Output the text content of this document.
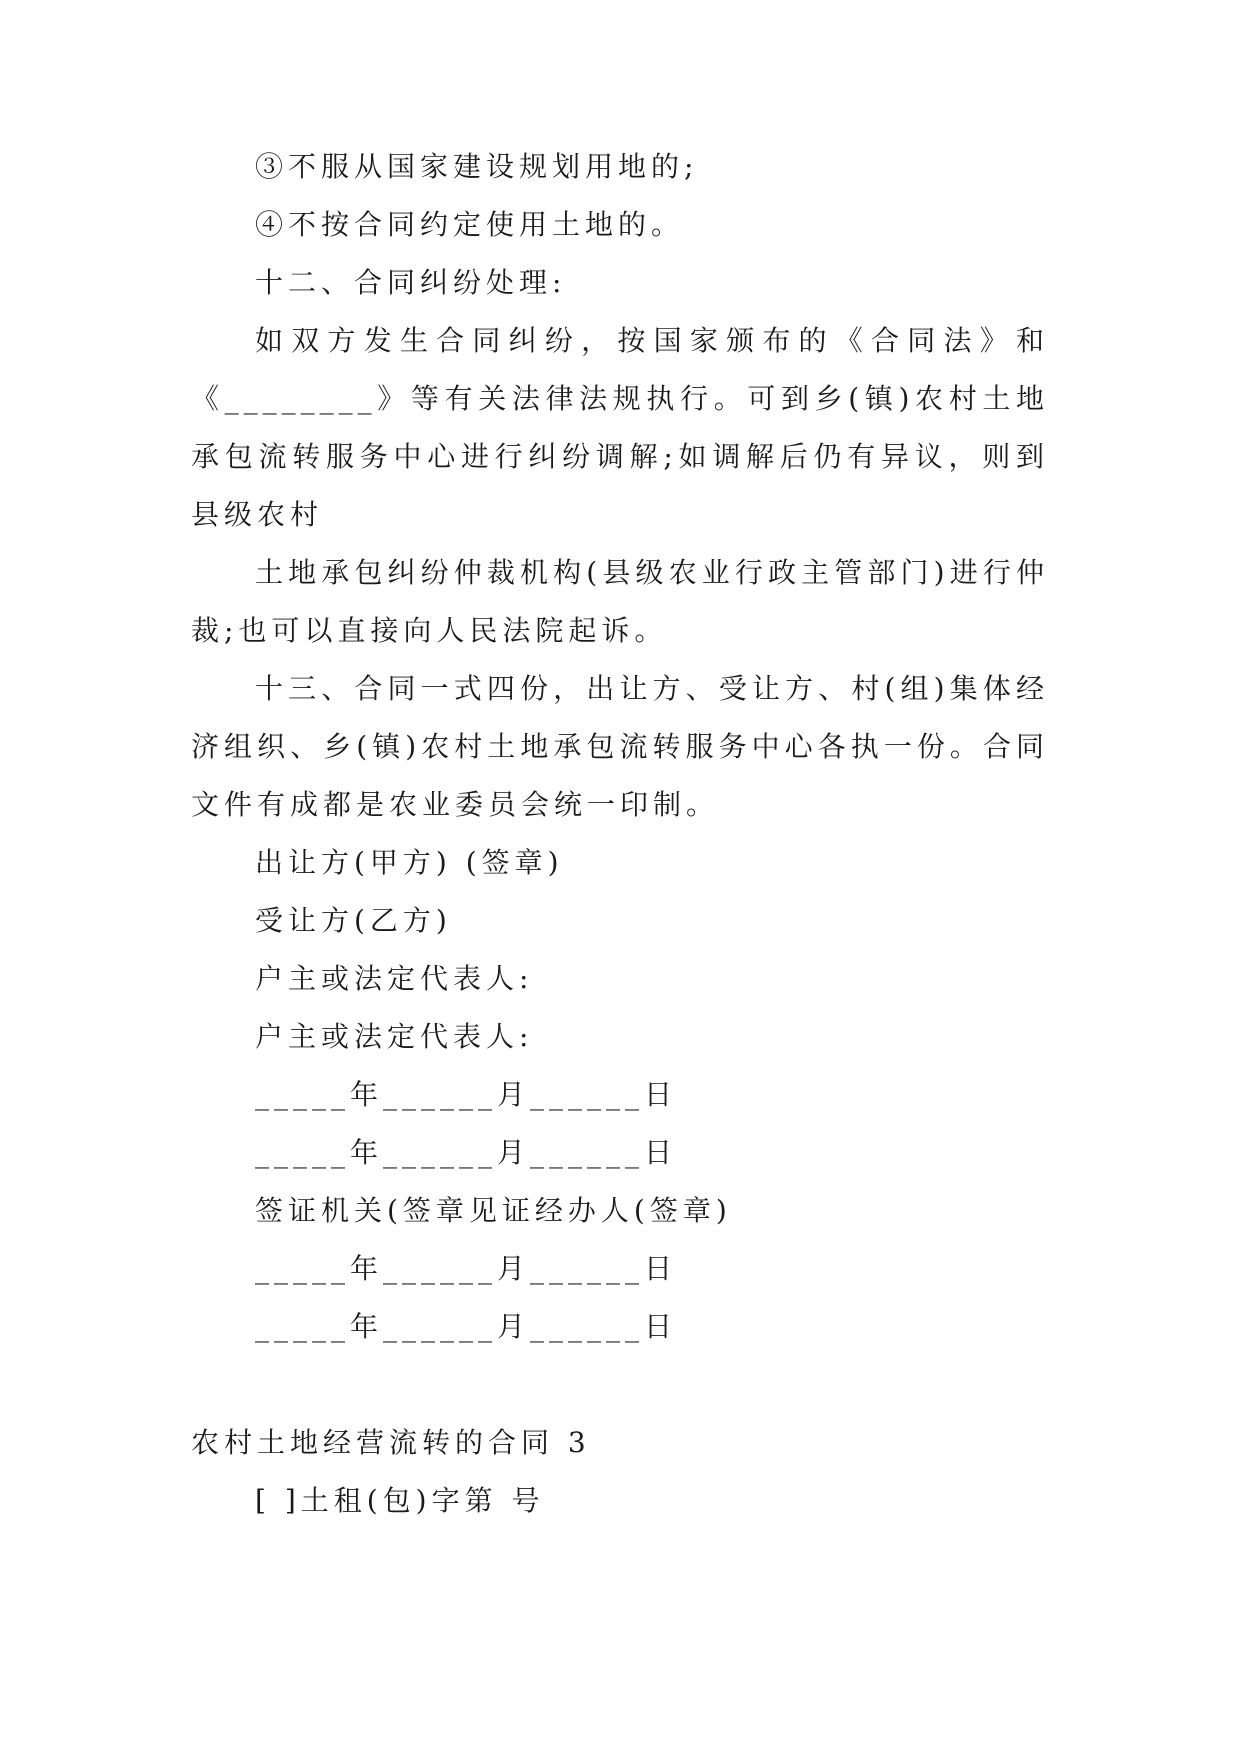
③不服从国家建设规划用地的;
④不按合同约定使用土地的。
十二、合同纠纷处理:

如双方发生合同纠纷，按国家颁布的《合同法》和《________》等有关法律法规执行。可到乡(镇)农村土地承包流转服务中心进行纠纷调解;如调解后仍有异议，则到县级农村

土地承包纠纷仲裁机构(县级农业行政主管部门)进行仲裁;也可以直接向人民法院起诉。

十三、合同一式四份，出让方、受让方、村(组)集体经济组织、乡(镇)农村土地承包流转服务中心各执一份。合同文件有成都是农业委员会统一印制。

出让方(甲方) (签章)
受让方(乙方)
户主或法定代表人:
户主或法定代表人:
_____年______月______日
_____年______月______日
签证机关(签章见证经办人(签章)
_____年______月______日
_____年______月______日
农村土地经营流转的合同 3
[ ]土租(包)字第 号
